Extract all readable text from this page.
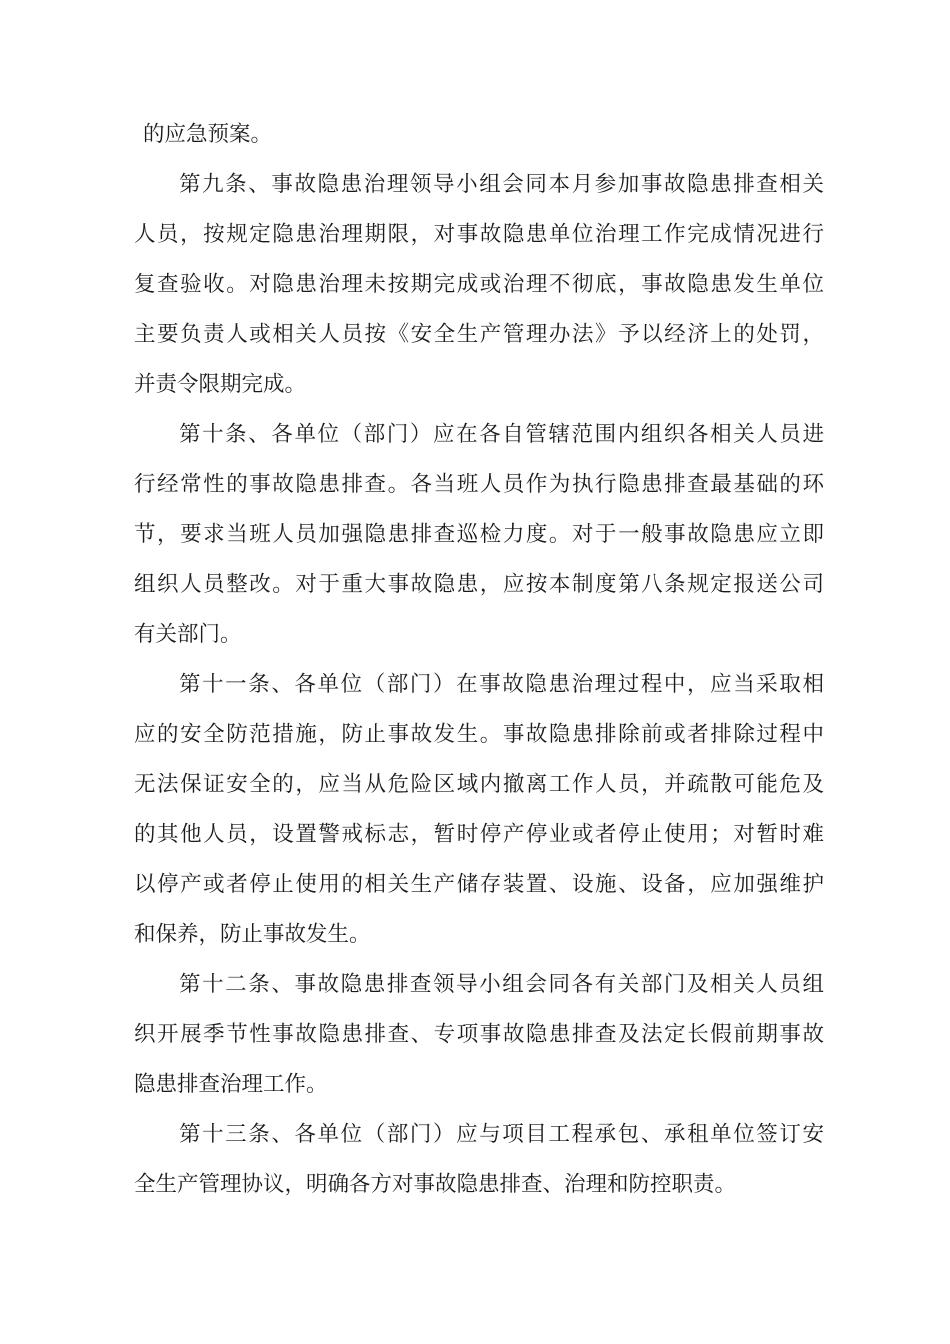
的应急预案。
第九条、事故隐患治理领导小组会同本月参加事故隐患排查相关
人员，按规定隐患治理期限，对事故隐患单位治理工作完成情况进行
复查验收。对隐患治理未按期完成或治理不彻底，事故隐患发生单位
主要负责人或相关人员按《安全生产管理办法》予以经济上的处罚，
并责令限期完成。
第十条、各单位（部门）应在各自管辖范围内组织各相关人员进
行经常性的事故隐患排查。各当班人员作为执行隐患排查最基础的环
节，要求当班人员加强隐患排查巡检力度。对于一般事故隐患应立即
组织人员整改。对于重大事故隐患，应按本制度第八条规定报送公司
有关部门。
第十一条、各单位（部门）在事故隐患治理过程中，应当采取相
应的安全防范措施，防止事故发生。事故隐患排除前或者排除过程中
无法保证安全的，应当从危险区域内撤离工作人员，并疏散可能危及
的其他人员，设置警戒标志，暂时停产停业或者停止使用；对暂时难
以停产或者停止使用的相关生产储存装置、设施、设备，应加强维护
和保养，防止事故发生。
第十二条、事故隐患排查领导小组会同各有关部门及相关人员组
织开展季节性事故隐患排查、专项事故隐患排查及法定长假前期事故
隐患排查治理工作。
第十三条、各单位（部门）应与项目工程承包、承租单位签订安
全生产管理协议，明确各方对事故隐患排查、治理和防控职责。
